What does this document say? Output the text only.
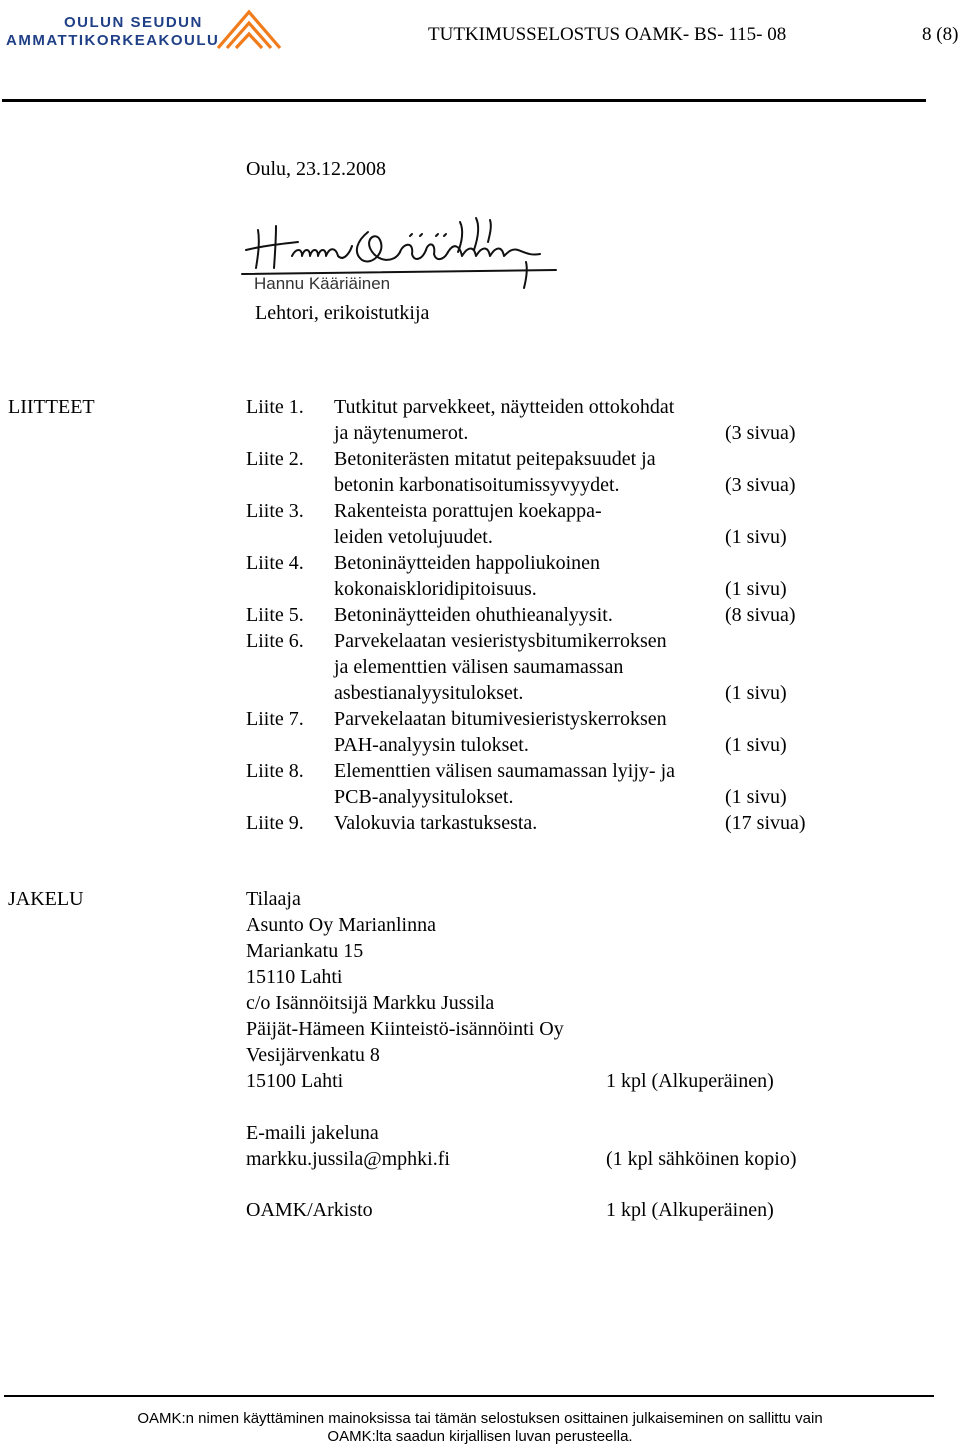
OULUN SEUDUN
AMMATTIKORKEAKOULU	TUTKIMUSSELOSTUS OAMK- BS- 115- 08	8 (8)
Oulu, 23.12.2008
Hannu Kääriäinen
Lehtori, erikoistutkija
LIITTEET	Liite 1. Tutkitut parvekkeet, näytteiden ottokohdat
ja näytenumerot.	(3 sivua)
Liite 2. Betoniterästen mitatut peitepaksuudet ja
betonin karbonatisoitumissyvyydet.	(3 sivua)
Liite 3. Rakenteista porattujen koekappa-
leiden vetolujuudet.	(1 sivu)
Liite 4. Betoninäytteiden happoliukoinen
kokonaiskloridipitoisuus.	(1 sivu)
Liite 5. Betoninäytteiden ohuthieanalyysit.	(8 sivua)
Liite 6. Parvekelaatan vesieristysbitumikerroksen
ja elementtien välisen saumamassan
asbestianalyysitulokset.	(1 sivu)
Liite 7. Parvekelaatan bitumivesieristyskerroksen
PAH-analyysin tulokset.	(1 sivu)
Liite 8. Elementtien välisen saumamassan lyijy- ja
PCB-analyysitulokset.	(1 sivu)
Liite 9. Valokuvia tarkastuksesta.	(17 sivua)
JAKELU	Tilaaja
Asunto Oy Marianlinna
Mariankatu 15
15110 Lahti
c/o Isännöitsijä Markku Jussila
Päijät-Hämeen Kiinteistö-isännöinti Oy
Vesijärvenkatu 8
15100 Lahti	1 kpl (Alkuperäinen)
E-maili jakeluna
markku.jussila@mphki.fi	(1 kpl sähköinen kopio)
OAMK/Arkisto	1 kpl (Alkuperäinen)
OAMK:n nimen käyttäminen mainoksissa tai tämän selostuksen osittainen julkaiseminen on sallittu vain
OAMK:lta saadun kirjallisen luvan perusteella.
